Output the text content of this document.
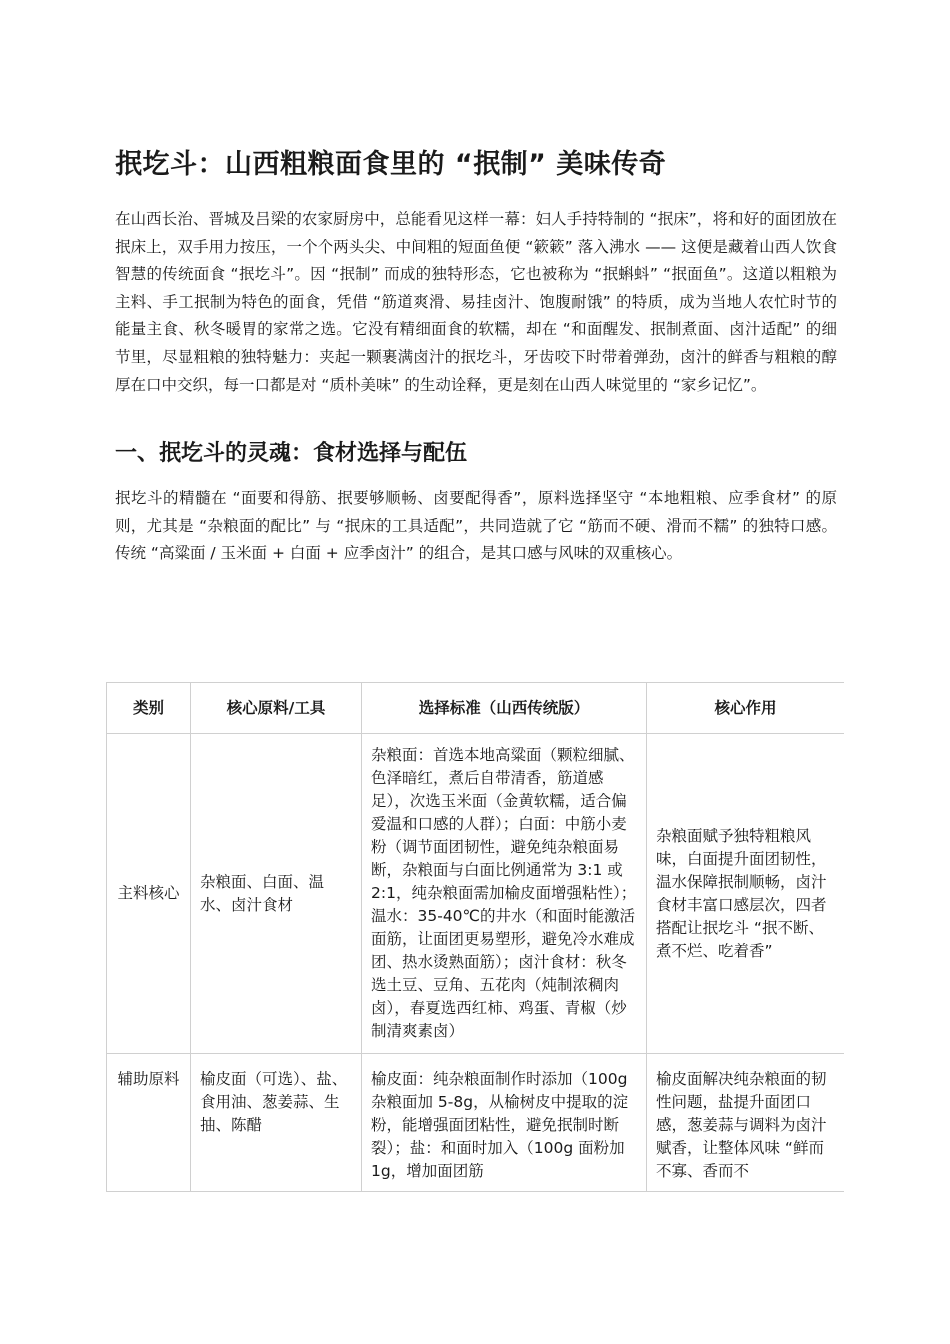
抿圪斗：山西粗粮面食里的 “抿制” 美味传奇

在山西长治、晋城及吕梁的农家厨房中，总能看见这样一幕：妇人手持特制的 “抿床”，将和好的面团放在抿床上，双手用力按压，一个个两头尖、中间粗的短面鱼便 “簌簌” 落入沸水 —— 这便是藏着山西人饮食智慧的传统面食 “抿圪斗”。因 “抿制” 而成的独特形态，它也被称为 “抿蝌蚪” “抿面鱼”。这道以粗粮为主料、手工抿制为特色的面食，凭借 “筋道爽滑、易挂卤汁、饱腹耐饿” 的特质，成为当地人农忙时节的能量主食、秋冬暖胃的家常之选。它没有精细面食的软糯，却在 “和面醒发、抿制煮面、卤汁适配” 的细节里，尽显粗粮的独特魅力：夹起一颗裹满卤汁的抿圪斗，牙齿咬下时带着弹劲，卤汁的鲜香与粗粮的醇厚在口中交织，每一口都是对 “质朴美味” 的生动诠释，更是刻在山西人味觉里的 “家乡记忆”。

一、抿圪斗的灵魂：食材选择与配伍

抿圪斗的精髓在 “面要和得筋、抿要够顺畅、卤要配得香”，原料选择坚守 “本地粗粮、应季食材” 的原则，尤其是 “杂粮面的配比” 与 “抿床的工具适配”，共同造就了它 “筋而不硬、滑而不糯” 的独特口感。传统 “高粱面 / 玉米面 + 白面 + 应季卤汁” 的组合，是其口感与风味的双重核心。

类别	核心原料/工具	选择标准（山西传统版）	核心作用
主料核心	杂粮面、白面、温水、卤汁食材	杂粮面：首选本地高粱面（颗粒细腻、色泽暗红，煮后自带清香，筋道感足），次选玉米面（金黄软糯，适合偏爱温和口感的人群）；白面：中筋小麦粉（调节面团韧性，避免纯杂粮面易断，杂粮面与白面比例通常为 3:1 或 2:1，纯杂粮面需加榆皮面增强粘性）；温水：35-40℃的井水（和面时能激活面筋，让面团更易塑形，避免冷水难成团、热水烫熟面筋）；卤汁食材：秋冬选土豆、豆角、五花肉（炖制浓稠肉卤），春夏选西红柿、鸡蛋、青椒（炒制清爽素卤）	杂粮面赋予独特粗粮风味，白面提升面团韧性，温水保障抿制顺畅，卤汁食材丰富口感层次，四者搭配让抿圪斗 “抿不断、煮不烂、吃着香”
辅助原料	榆皮面（可选）、盐、食用油、葱姜蒜、生抽、陈醋	榆皮面：纯杂粮面制作时添加（100g 杂粮面加 5-8g，从榆树皮中提取的淀粉，能增强面团粘性，避免抿制时断裂）；盐：和面时加入（100g 面粉加 1g，增加面团筋	榆皮面解决纯杂粮面的韧性问题，盐提升面团口感，葱姜蒜与调料为卤汁赋香，让整体风味 “鲜而不寡、香而不
